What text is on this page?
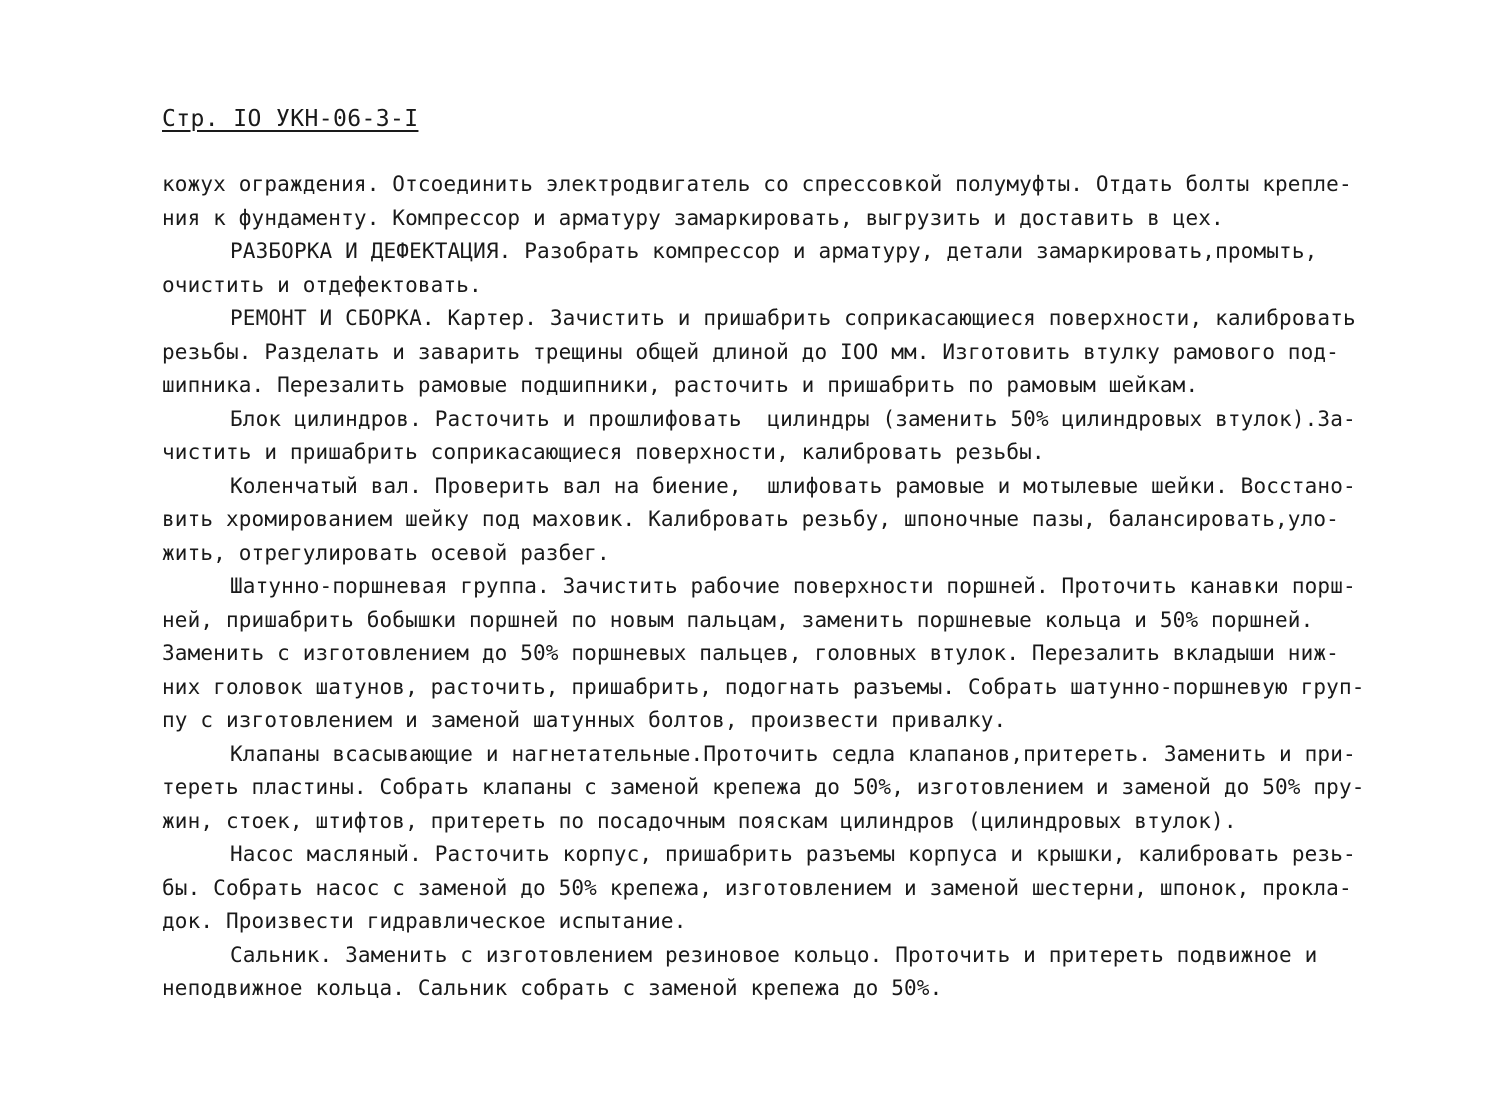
Стр. IO УКН-06-3-I
кожух ограждения. Отсоединить электродвигатель со спрессовкой полумуфты. Отдать болты крепле-
ния к фундаменту. Компрессор и арматуру замаркировать, выгрузить и доставить в цех.
РАЗБОРКА И ДЕФЕКТАЦИЯ. Разобрать компрессор и арматуру, детали замаркировать,промыть,
очистить и отдефектовать.
РЕМОНТ И СБОРКА. Картер. Зачистить и пришабрить соприкасающиеся поверхности, калибровать
резьбы. Разделать и заварить трещины общей длиной до IOO мм. Изготовить втулку рамового под-
шипника. Перезалить рамовые подшипники, расточить и пришабрить по рамовым шейкам.
Блок цилиндров. Расточить и прошлифовать  цилиндры (заменить 50% цилиндровых втулок).За-
чистить и пришабрить соприкасающиеся поверхности, калибровать резьбы.
Коленчатый вал. Проверить вал на биение,  шлифовать рамовые и мотылевые шейки. Восстано-
вить хромированием шейку под маховик. Калибровать резьбу, шпоночные пазы, балансировать,уло-
жить, отрегулировать осевой разбег.
Шатунно-поршневая группа. Зачистить рабочие поверхности поршней. Проточить канавки порш-
ней, пришабрить бобышки поршней по новым пальцам, заменить поршневые кольца и 50% поршней.
Заменить с изготовлением до 50% поршневых пальцев, головных втулок. Перезалить вкладыши ниж-
них головок шатунов, расточить, пришабрить, подогнать разъемы. Собрать шатунно-поршневую груп-
пу с изготовлением и заменой шатунных болтов, произвести привалку.
Клапаны всасывающие и нагнетательные.Проточить седла клапанов,притереть. Заменить и при-
тереть пластины. Собрать клапаны с заменой крепежа до 50%, изготовлением и заменой до 50% пру-
жин, стоек, штифтов, притереть по посадочным пояскам цилиндров (цилиндровых втулок).
Насос масляный. Расточить корпус, пришабрить разъемы корпуса и крышки, калибровать резь-
бы. Собрать насос с заменой до 50% крепежа, изготовлением и заменой шестерни, шпонок, прокла-
док. Произвести гидравлическое испытание.
Сальник. Заменить с изготовлением резиновое кольцо. Проточить и притереть подвижное и
неподвижное кольца. Сальник собрать с заменой крепежа до 50%.
